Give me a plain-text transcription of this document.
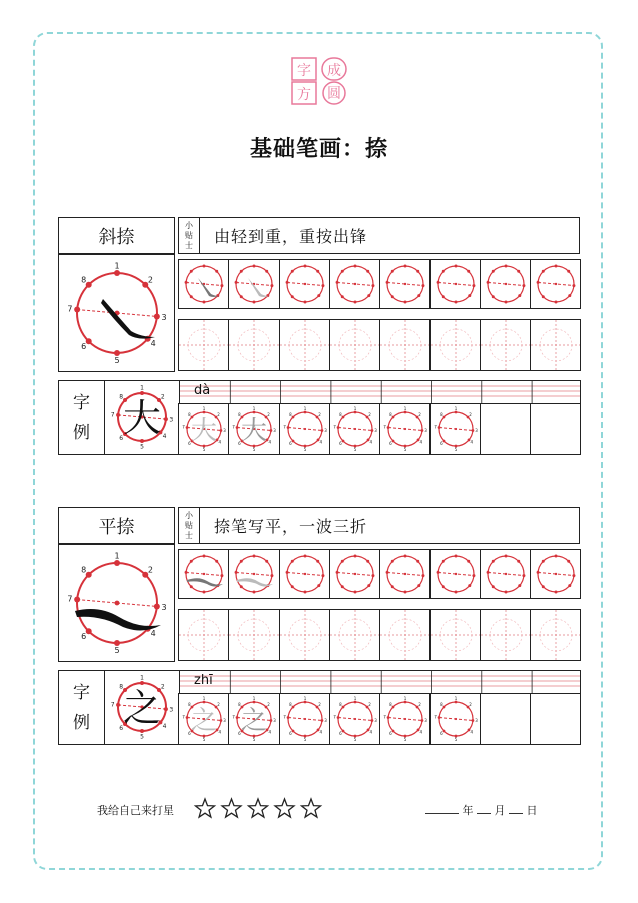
字 成
方 圆
基础笔画：捺
斜捺
小
贴
士	由轻到重，重按出锋
1
2
3
4
5
6
7
8
字
例
1
2
3
4
5
6
7
8 大
dà
1
2
3
4
5
6
7
8
大
1
2
3
4
5
6
7
8
大
1
2
3
4
5
6
7
8
1
2
3
4
5
6
7
8
1
2
3
4
5
6
7
8
1
2
3
4
5
6
7
8
平捺
小
贴
士	捺笔写平，一波三折
1
2
3
4
5
6
7
8
字
例
1
2
3
4
5
6
7
8 之
zhī
1
2
3
4
5
6
7
8
之
1
2
3
4
5
6
7
8
之
1
2
3
4
5
6
7
8
1
2
3
4
5
6
7
8
1
2
3
4
5
6
7
8
1
2
3
4
5
6
7
8
我给自己来打星	年 月 日
